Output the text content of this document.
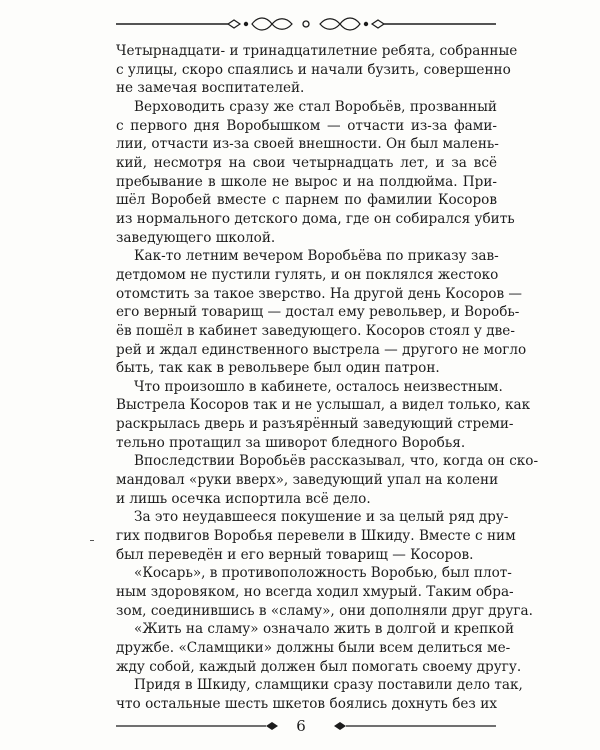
Четырнадцати- и тринадцатилетние ребята, собранные
с улицы, скоро спаялись и начали бузить, совершенно
не замечая воспитателей.

Верховодить сразу же стал Воробьёв, прозванный
с первого дня Воробышком — отчасти из-за фами-
лии, отчасти из-за своей внешности. Он был малень-
кий, несмотря на свои четырнадцать лет, и за всё
пребывание в школе не вырос и на полдюйма. При-
шёл Воробей вместе с парнем по фамилии Косоров
из нормального детского дома, где он собирался убить
заведующего школой.

Как-то летним вечером Воробьёва по приказу зав-
детдомом не пустили гулять, и он поклялся жестоко
отомстить за такое зверство. На другой день Косоров —
его верный товарищ — достал ему револьвер, и Воробь-
ёв пошёл в кабинет заведующего. Косоров стоял у две-
рей и ждал единственного выстрела — другого не могло
быть, так как в револьвере был один патрон.

Что произошло в кабинете, осталось неизвестным.
Выстрела Косоров так и не услышал, а видел только, как
раскрылась дверь и разъярённый заведующий стреми-
тельно протащил за шиворот бледного Воробья.

Впоследствии Воробьёв рассказывал, что, когда он ско-
мандовал «руки вверх», заведующий упал на колени
и лишь осечка испортила всё дело.

За это неудавшееся покушение и за целый ряд дру-
гих подвигов Воробья перевели в Шкиду. Вместе с ним
был переведён и его верный товарищ — Косоров.

«Косарь», в противоположность Воробью, был плот-
ным здоровяком, но всегда ходил хмурый. Таким обра-
зом, соединившись в «сламу», они дополняли друг друга.

«Жить на сламу» означало жить в долгой и крепкой
дружбе. «Сламщики» должны были всем делиться ме-
жду собой, каждый должен был помогать своему другу.

Придя в Шкиду, сламщики сразу поставили дело так,
что остальные шесть шкетов боялись дохнуть без их

6
